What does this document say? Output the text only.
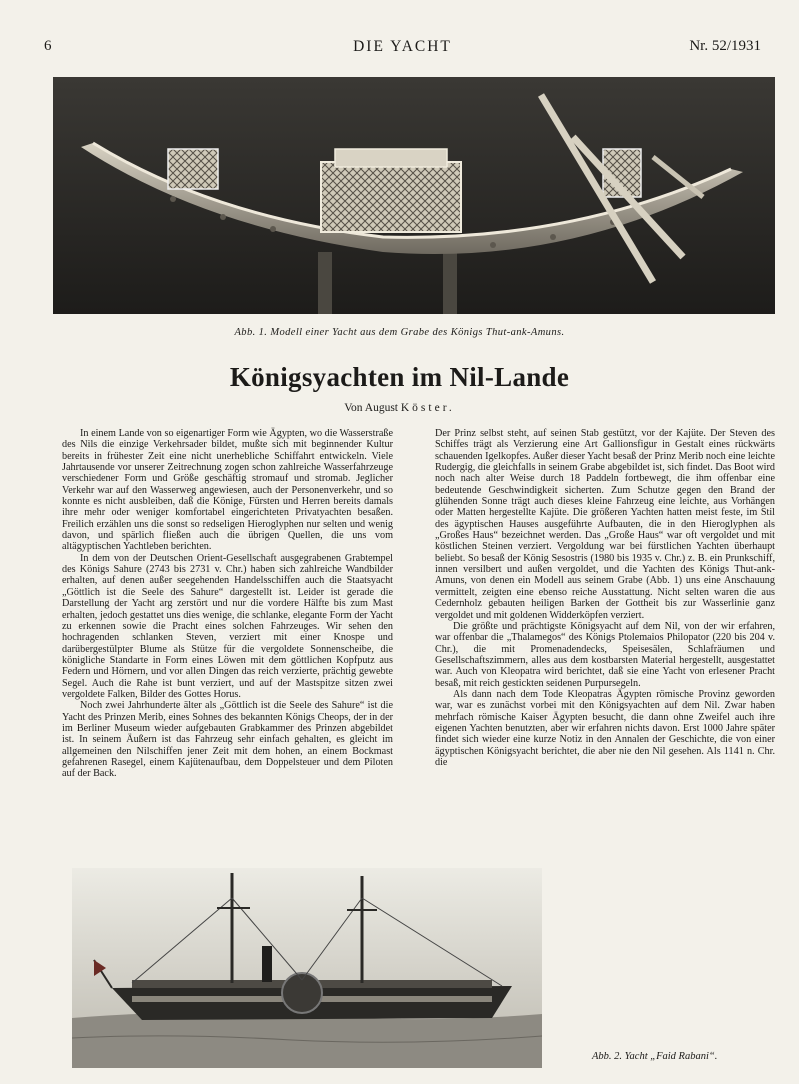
6	DIE YACHT	Nr. 52/1931
Abb. 1. Modell einer Yacht aus dem Grabe des Königs Thut-ank-Amuns.
Königsyachten im Nil-Lande
Von August Köster.

In einem Lande von so eigenartiger Form wie Ägypten, wo die Wasserstraße des Nils die einzige Verkehrsader bildet, mußte sich mit beginnender Kultur bereits in frühester Zeit eine nicht unerhebliche Schiffahrt entwickeln. Viele Jahrtausende vor unserer Zeitrechnung zogen schon zahlreiche Wasserfahrzeuge verschiedener Form und Größe geschäftig stromauf und stromab. Jeglicher Verkehr war auf den Wasserweg angewiesen, auch der Personenverkehr, und so konnte es nicht ausbleiben, daß die Könige, Fürsten und Herren bereits damals ihre mehr oder weniger komfortabel eingerichteten Privatyachten besaßen. Freilich erzählen uns die sonst so redseligen Hieroglyphen nur selten und wenig davon, und spärlich fließen auch die übrigen Quellen, die uns vom altägyptischen Yachtleben berichten.

In dem von der Deutschen Orient-Gesellschaft ausgegrabenen Grabtempel des Königs Sahure (2743 bis 2731 v. Chr.) haben sich zahlreiche Wandbilder erhalten, auf denen außer seegehenden Handelsschiffen auch die Staatsyacht „Göttlich ist die Seele des Sahure“ dargestellt ist. Leider ist gerade die Darstellung der Yacht arg zerstört und nur die vordere Hälfte bis zum Mast erhalten, jedoch gestattet uns dies wenige, die schlanke, elegante Form der Yacht zu erkennen sowie die Pracht eines solchen Fahrzeuges. Wir sehen den hochragenden schlanken Steven, verziert mit einer Knospe und darübergestülpter Blume als Stütze für die vergoldete Sonnenscheibe, die königliche Standarte in Form eines Löwen mit dem göttlichen Kopfputz aus Federn und Hörnern, und vor allen Dingen das reich verzierte, prächtig gewebte Segel. Auch die Rahe ist bunt verziert, und auf der Mastspitze sitzen zwei vergoldete Falken, Bilder des Gottes Horus.

Noch zwei Jahrhunderte älter als „Göttlich ist die Seele des Sahure“ ist die Yacht des Prinzen Merib, eines Sohnes des bekannten Königs Cheops, der in der im Berliner Museum wieder aufgebauten Grabkammer des Prinzen abgebildet ist. In seinem Äußern ist das Fahrzeug sehr einfach gehalten, es gleicht im allgemeinen den Nilschiffen jener Zeit mit dem hohen, an einem Bockmast gefahrenen Rasegel, einem Kajütenaufbau, dem Doppelsteuer und dem Piloten auf der Back.

Der Prinz selbst steht, auf seinen Stab gestützt, vor der Kajüte. Der Steven des Schiffes trägt als Verzierung eine Art Gallionsfigur in Gestalt eines rückwärts schauenden Igelkopfes. Außer dieser Yacht besaß der Prinz Merib noch eine leichte Rudergig, die gleichfalls in seinem Grabe abgebildet ist, sich findet. Das Boot wird noch nach alter Weise durch 18 Paddeln fortbewegt, die ihm offenbar eine bedeutende Geschwindigkeit sicherten. Zum Schutze gegen den Brand der glühenden Sonne trägt auch dieses kleine Fahrzeug eine leichte, aus Vorhängen oder Matten hergestellte Kajüte. Die größeren Yachten hatten meist feste, im Stil des ägyptischen Hauses ausgeführte Aufbauten, die in den Hieroglyphen als „Großes Haus“ bezeichnet werden. Das „Große Haus“ war oft vergoldet und mit köstlichen Steinen verziert. Vergoldung war bei fürstlichen Yachten überhaupt beliebt. So besaß der König Sesostris (1980 bis 1935 v. Chr.) z. B. ein Prunkschiff, innen versilbert und außen vergoldet, und die Yachten des Königs Thut-ank-Amuns, von denen ein Modell aus seinem Grabe (Abb. 1) uns eine Anschauung vermittelt, zeigten eine ebenso reiche Ausstattung. Nicht selten waren die aus Cedernholz gebauten heiligen Barken der Gottheit bis zur Wasserlinie ganz vergoldet und mit goldenen Widderköpfen verziert.

Die größte und prächtigste Königsyacht auf dem Nil, von der wir erfahren, war offenbar die „Thalamegos“ des Königs Ptolemaios Philopator (220 bis 204 v. Chr.), die mit Promenadendecks, Speisesälen, Schlafräumen und Gesellschaftszimmern, alles aus dem kostbarsten Material hergestellt, ausgestattet war. Auch von Kleopatra wird berichtet, daß sie eine Yacht von erlesener Pracht besaß, mit reich gestickten seidenen Purpursegeln.

Als dann nach dem Tode Kleopatras Ägypten römische Provinz geworden war, war es zunächst vorbei mit den Königsyachten auf dem Nil. Zwar haben mehrfach römische Kaiser Ägypten besucht, die dann ohne Zweifel auch ihre eigenen Yachten benutzten, aber wir erfahren nichts davon. Erst 1000 Jahre später findet sich wieder eine kurze Notiz in den Annalen der Geschichte, die von einer ägyptischen Königsyacht berichtet, die aber nie den Nil gesehen. Als 1141 n. Chr. die

Abb. 2. Yacht „Faid Rabani“.
